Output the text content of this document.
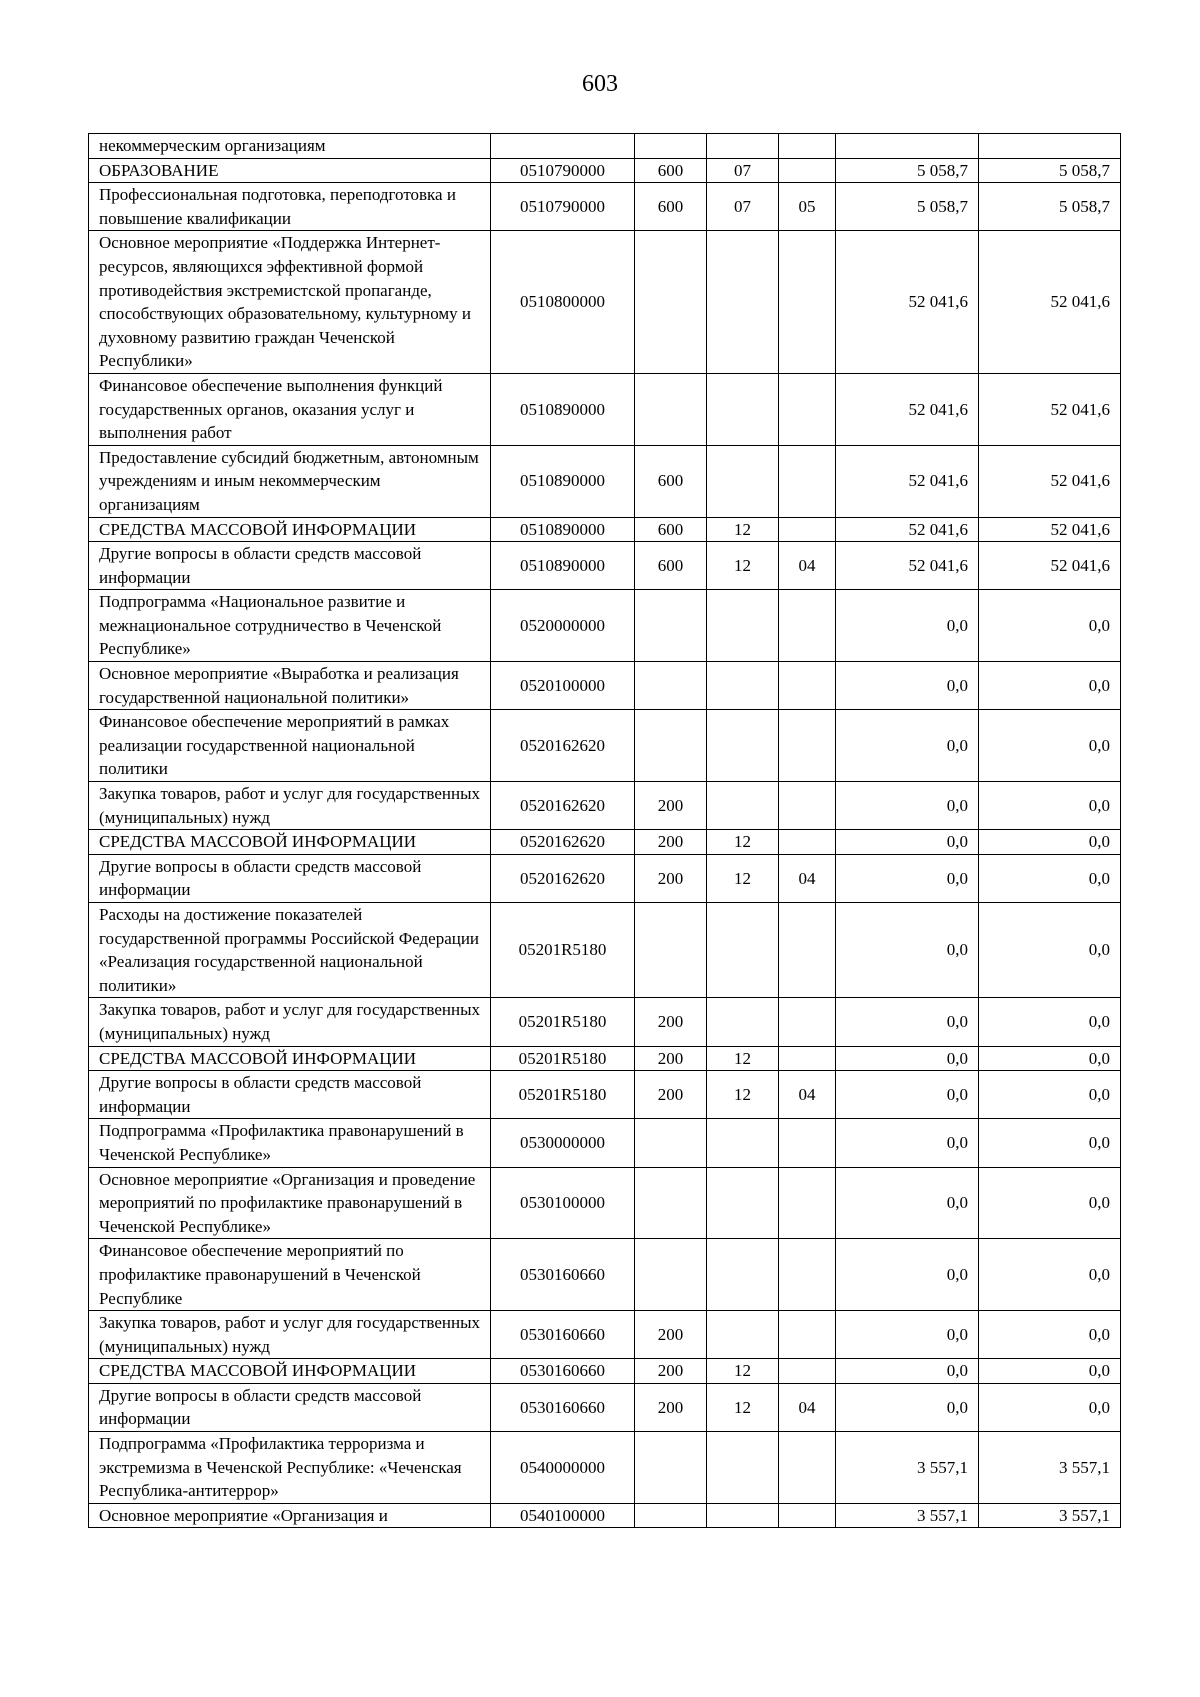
603
некоммерческим организациям						
ОБРАЗОВАНИЕ	0510790000	600	07		5 058,7	5 058,7
Профессиональная подготовка, переподготовка и повышение квалификации	0510790000	600	07	05	5 058,7	5 058,7
Основное мероприятие «Поддержка Интернет-ресурсов, являющихся эффективной формой противодействия экстремистской пропаганде, способствующих образовательному, культурному и духовному развитию граждан Чеченской Республики»	0510800000				52 041,6	52 041,6
Финансовое обеспечение выполнения функций государственных органов, оказания услуг и выполнения работ	0510890000				52 041,6	52 041,6
Предоставление субсидий бюджетным, автономным учреждениям и иным некоммерческим организациям	0510890000	600			52 041,6	52 041,6
СРЕДСТВА МАССОВОЙ ИНФОРМАЦИИ	0510890000	600	12		52 041,6	52 041,6
Другие вопросы в области средств массовой информации	0510890000	600	12	04	52 041,6	52 041,6
Подпрограмма «Национальное развитие и межнациональное сотрудничество в Чеченской Республике»	0520000000				0,0	0,0
Основное мероприятие «Выработка и реализация государственной национальной политики»	0520100000				0,0	0,0
Финансовое обеспечение мероприятий в рамках реализации государственной национальной политики	0520162620				0,0	0,0
Закупка товаров, работ и услуг для государственных (муниципальных) нужд	0520162620	200			0,0	0,0
СРЕДСТВА МАССОВОЙ ИНФОРМАЦИИ	0520162620	200	12		0,0	0,0
Другие вопросы в области средств массовой информации	0520162620	200	12	04	0,0	0,0
Расходы на достижение показателей государственной программы Российской Федерации «Реализация государственной национальной политики»	05201R5180				0,0	0,0
Закупка товаров, работ и услуг для государственных (муниципальных) нужд	05201R5180	200			0,0	0,0
СРЕДСТВА МАССОВОЙ ИНФОРМАЦИИ	05201R5180	200	12		0,0	0,0
Другие вопросы в области средств массовой информации	05201R5180	200	12	04	0,0	0,0
Подпрограмма «Профилактика правонарушений в Чеченской Республике»	0530000000				0,0	0,0
Основное мероприятие «Организация и проведение мероприятий по профилактике правонарушений в Чеченской Республике»	0530100000				0,0	0,0
Финансовое обеспечение мероприятий по профилактике правонарушений в Чеченской Республике	0530160660				0,0	0,0
Закупка товаров, работ и услуг для государственных (муниципальных) нужд	0530160660	200			0,0	0,0
СРЕДСТВА МАССОВОЙ ИНФОРМАЦИИ	0530160660	200	12		0,0	0,0
Другие вопросы в области средств массовой информации	0530160660	200	12	04	0,0	0,0
Подпрограмма «Профилактика терроризма и экстремизма в Чеченской Республике: «Чеченская Республика-антитеррор»	0540000000				3 557,1	3 557,1
Основное мероприятие «Организация и	0540100000				3 557,1	3 557,1
